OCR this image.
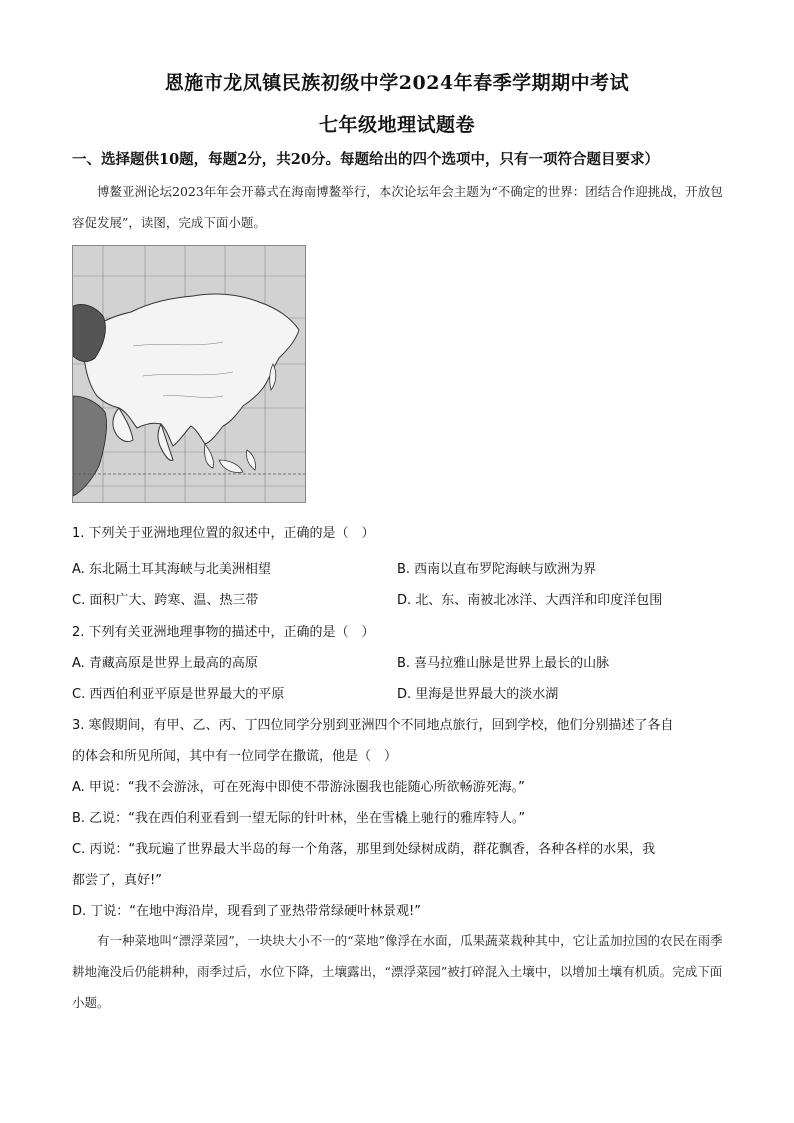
恩施市龙凤镇民族初级中学2024年春季学期期中考试
七年级地理试题卷
一、选择题供10题，每题2分，共20分。每题给出的四个选项中，只有一项符合题目要求）
博鳌亚洲论坛2023年年会开幕式在海南博鳌举行，本次论坛年会主题为“不确定的世界：团结合作迎挑战，开放包容促发展”，读图，完成下面小题。
1. 下列关于亚洲地理位置的叙述中，正确的是（　）
A. 东北隔土耳其海峡与北美洲相望	B. 西南以直布罗陀海峡与欧洲为界
C. 面积广大、跨寒、温、热三带	D. 北、东、南被北冰洋、大西洋和印度洋包围
2. 下列有关亚洲地理事物的描述中，正确的是（　）
A. 青藏高原是世界上最高的高原	B. 喜马拉雅山脉是世界上最长的山脉
C. 西西伯利亚平原是世界最大的平原	D. 里海是世界最大的淡水湖
3. 寒假期间，有甲、乙、丙、丁四位同学分别到亚洲四个不同地点旅行，回到学校，他们分别描述了各自
的体会和所见所闻，其中有一位同学在撒谎，他是（　）
A. 甲说：“我不会游泳，可在死海中即使不带游泳圈我也能随心所欲畅游死海。”
B. 乙说：“我在西伯利亚看到一望无际的针叶林，坐在雪橇上驰行的雅库特人。”
C. 丙说：“我玩遍了世界最大半岛的每一个角落，那里到处绿树成荫，群花飘香，各种各样的水果，我
都尝了，真好!”
D. 丁说：“在地中海沿岸，现看到了亚热带常绿硬叶林景观!”
有一种菜地叫“漂浮菜园”，一块块大小不一的“菜地”像浮在水面，瓜果蔬菜栽种其中，它让孟加拉国的农民在雨季耕地淹没后仍能耕种，雨季过后，水位下降，土壤露出，“漂浮菜园”被打碎混入土壤中，以增加土壤有机质。完成下面小题。
